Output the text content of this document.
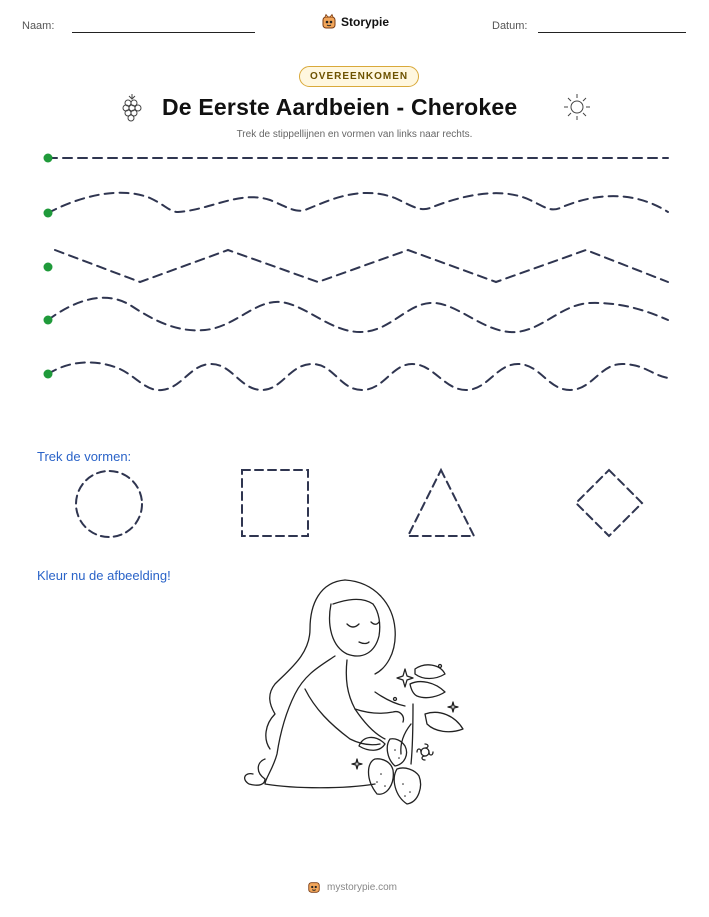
Naam:	Storypie	Datum:
OVEREENKOMEN
De Eerste Aardbeien - Cherokee
Trek de stippellijnen en vormen van links naar rechts.
Trek de vormen:
Kleur nu de afbeelding!
mystorypie.com
